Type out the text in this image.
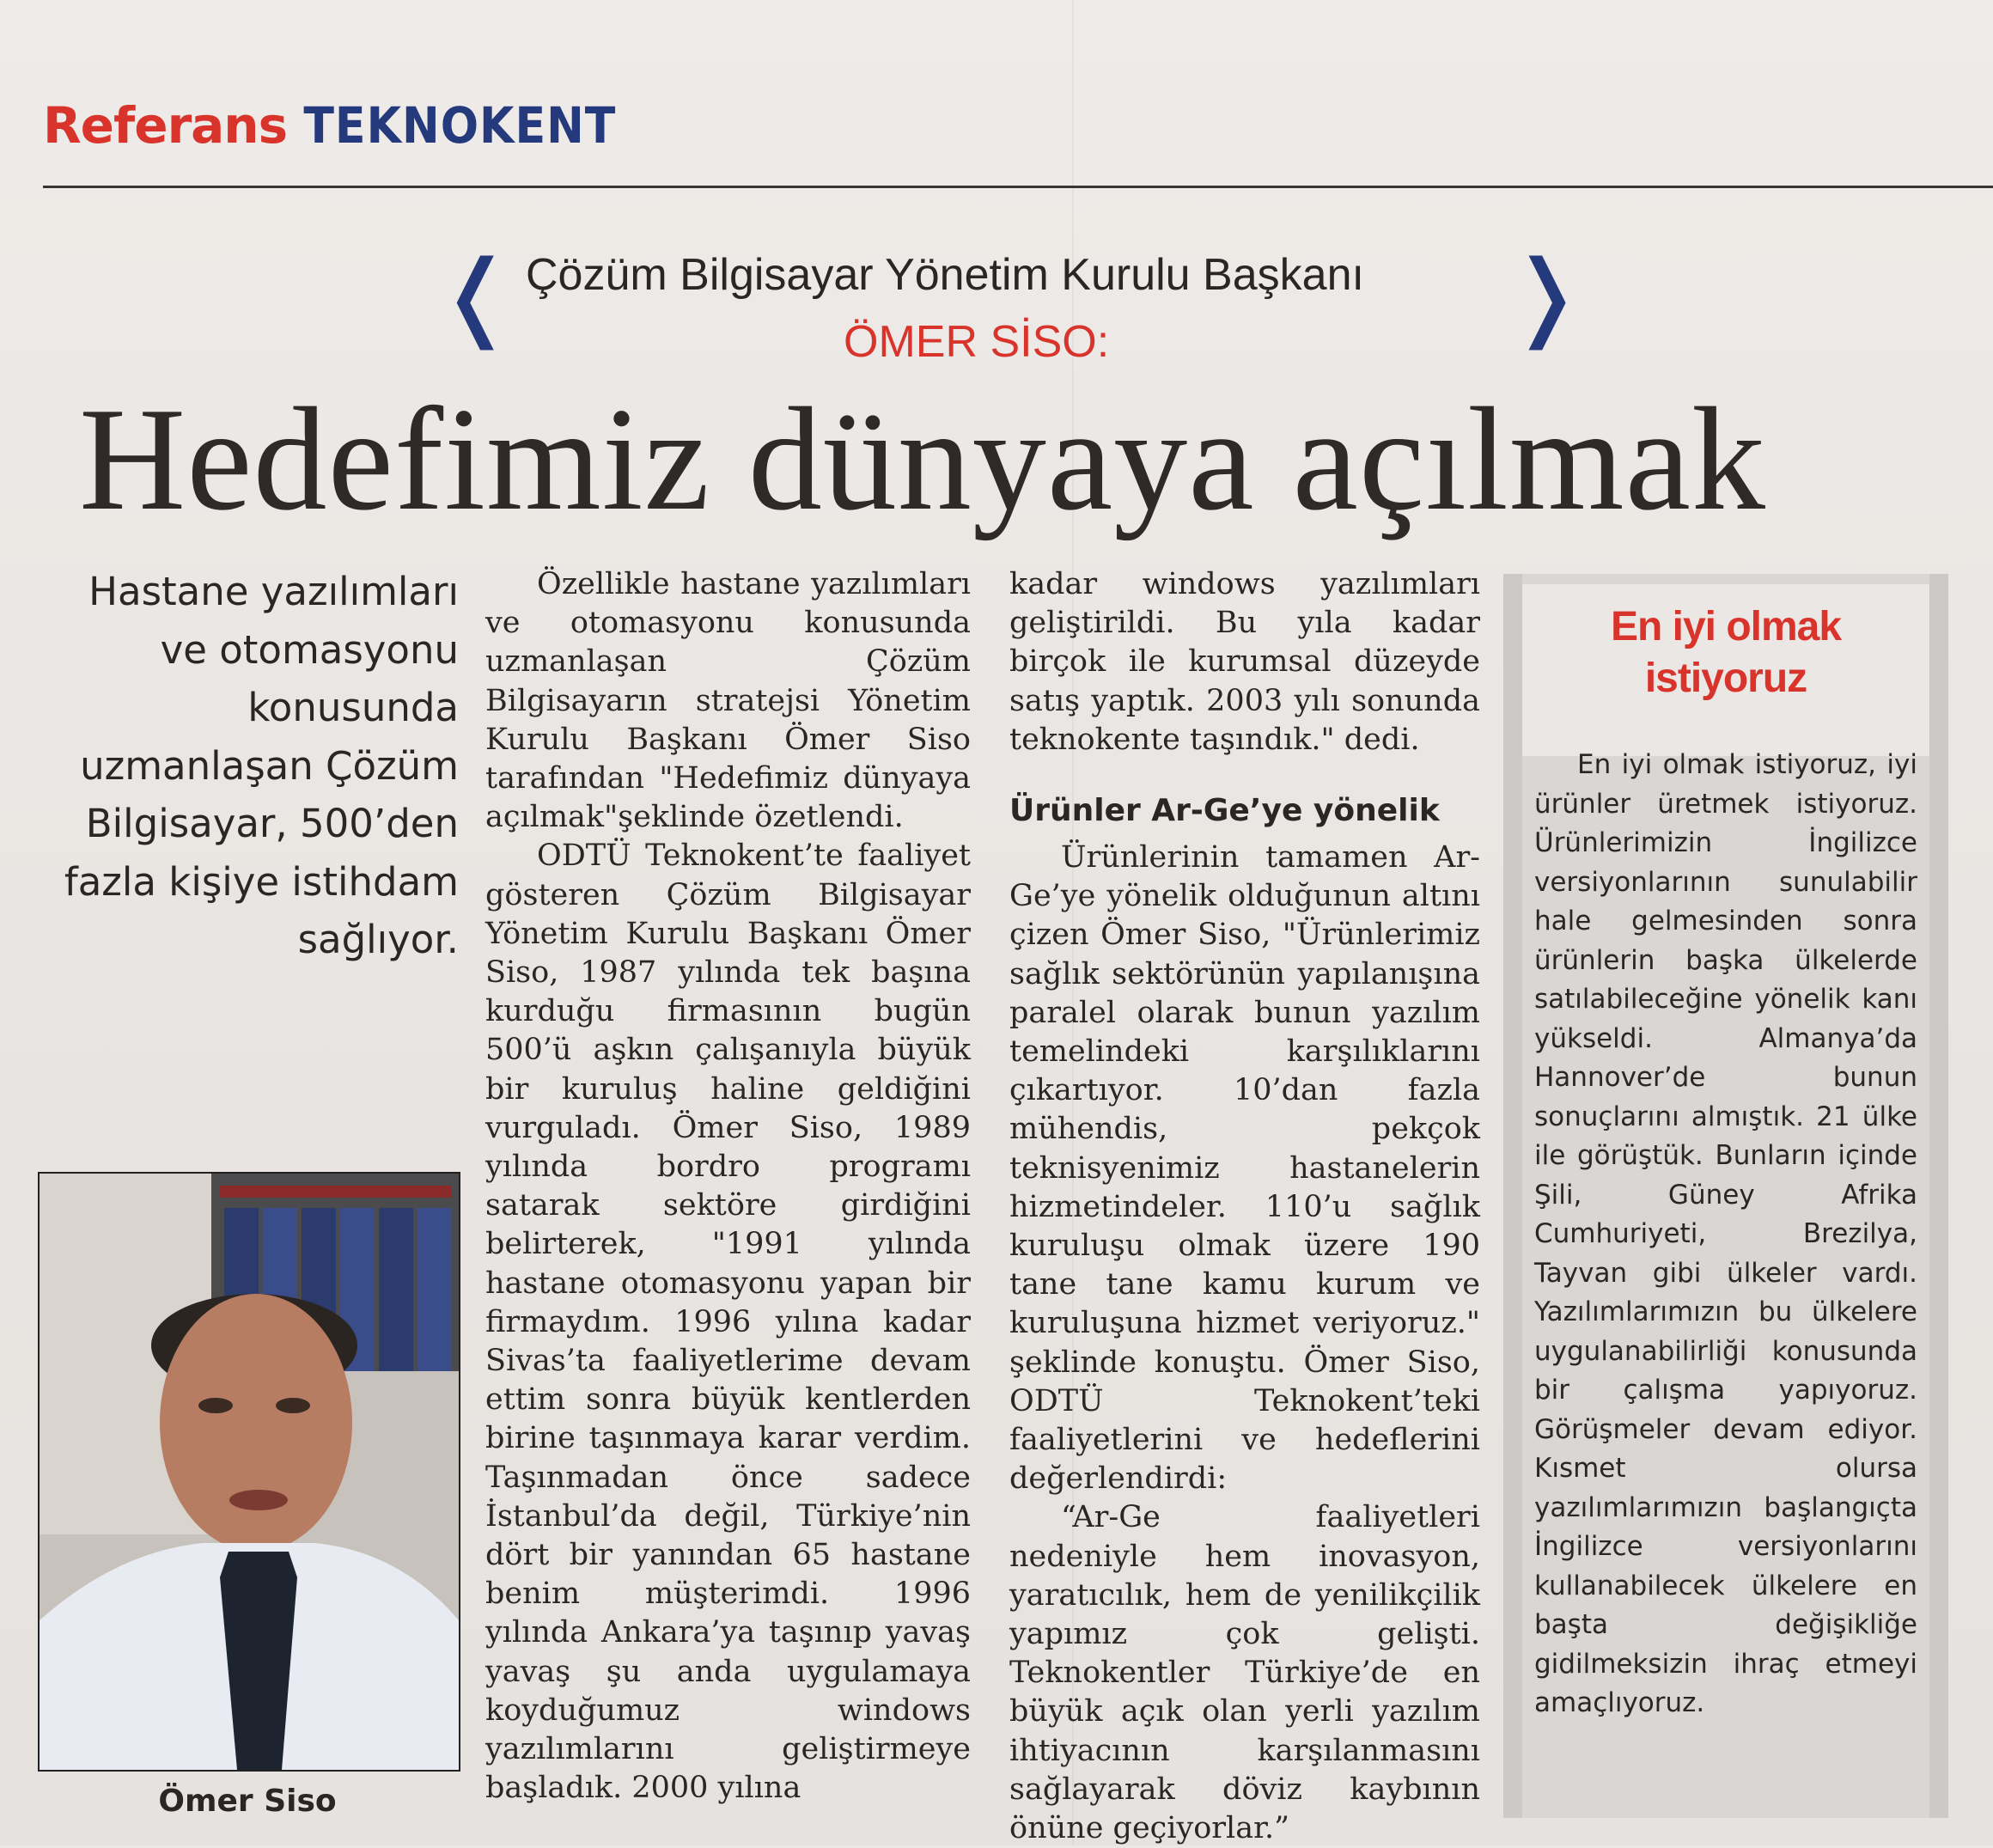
Referans TEKNOKENT
❬	❭
Çözüm Bilgisayar Yönetim Kurulu Başkanı
ÖMER SİSO:
Hedefimiz dünyaya açılmak
Hastane yazılımları ve otomasyonu konusunda uzmanlaşan Çözüm Bilgisayar, 500’den fazla kişiye istihdam sağlıyor.
Ömer Siso

Özellikle hastane yazılımları ve otomasyonu konusunda uzmanlaşan Çözüm Bilgisayarın stratejsi Yönetim Kurulu Başkanı Ömer Siso tarafından "Hedefimiz dünyaya açılmak"şeklinde özetlendi.

ODTÜ Teknokent’te faaliyet gösteren Çözüm Bilgisayar Yönetim Kurulu Başkanı Ömer Siso, 1987 yılında tek başına kurduğu firmasının bugün 500’ü aşkın çalışanıyla büyük bir kuruluş haline geldiğini vurguladı. Ömer Siso, 1989 yılında bordro programı satarak sektöre girdiğini belirterek, "1991 yılında hastane otomasyonu yapan bir firmaydım. 1996 yılına kadar Sivas’ta faaliyetlerime devam ettim sonra büyük kentlerden birine taşınmaya karar verdim. Taşınmadan önce sadece İstanbul’da değil, Türkiye’nin dört bir yanından 65 hastane benim müşterimdi. 1996 yılında Ankara’ya taşınıp yavaş yavaş şu anda uygulamaya koyduğumuz windows yazılımlarını geliştirmeye başladık. 2000 yılına

kadar windows yazılımları geliştirildi. Bu yıla kadar birçok ile kurumsal düzeyde satış yaptık. 2003 yılı sonunda teknokente taşındık." dedi.

Ürünler Ar-Ge’ye yönelik

Ürünlerinin tamamen Ar-Ge’ye yönelik olduğunun altını çizen Ömer Siso, "Ürünlerimiz sağlık sektörünün yapılanışına paralel olarak bunun yazılım temelindeki karşılıklarını çıkartıyor. 10’dan fazla mühendis, pekçok teknisyenimiz hastanelerin hizmetindeler. 110’u sağlık kuruluşu olmak üzere 190 tane tane kamu kurum ve kuruluşuna hizmet veriyoruz." şeklinde konuştu. Ömer Siso, ODTÜ Teknokent’teki faaliyetlerini ve hedeflerini değerlendirdi:

“Ar-Ge faaliyetleri nedeniyle hem inovasyon, yaratıcılık, hem de yenilikçilik yapımız çok gelişti. Teknokentler Türkiye’de en büyük açık olan yerli yazılım ihtiyacının karşılanmasını sağlayarak döviz kaybının önüne geçiyorlar.”

En iyi olmak
istiyoruz

En iyi olmak istiyoruz, iyi ürünler üretmek istiyoruz. Ürünlerimizin İngilizce versiyonlarının sunulabilir hale gelmesinden sonra ürünlerin başka ülkelerde satılabileceğine yönelik kanı yükseldi. Almanya’da Hannover’de bunun sonuçlarını almıştık. 21 ülke ile görüştük. Bunların içinde Şili, Güney Afrika Cumhuriyeti, Brezilya, Tayvan gibi ülkeler vardı. Yazılımlarımızın bu ülkelere uygulanabilirliği konusunda bir çalışma yapıyoruz. Görüşmeler devam ediyor. Kısmet olursa yazılımlarımızın başlangıçta İngilizce versiyonlarını kullanabilecek ülkelere en başta değişikliğe gidilmeksizin ihraç etmeyi amaçlıyoruz.
